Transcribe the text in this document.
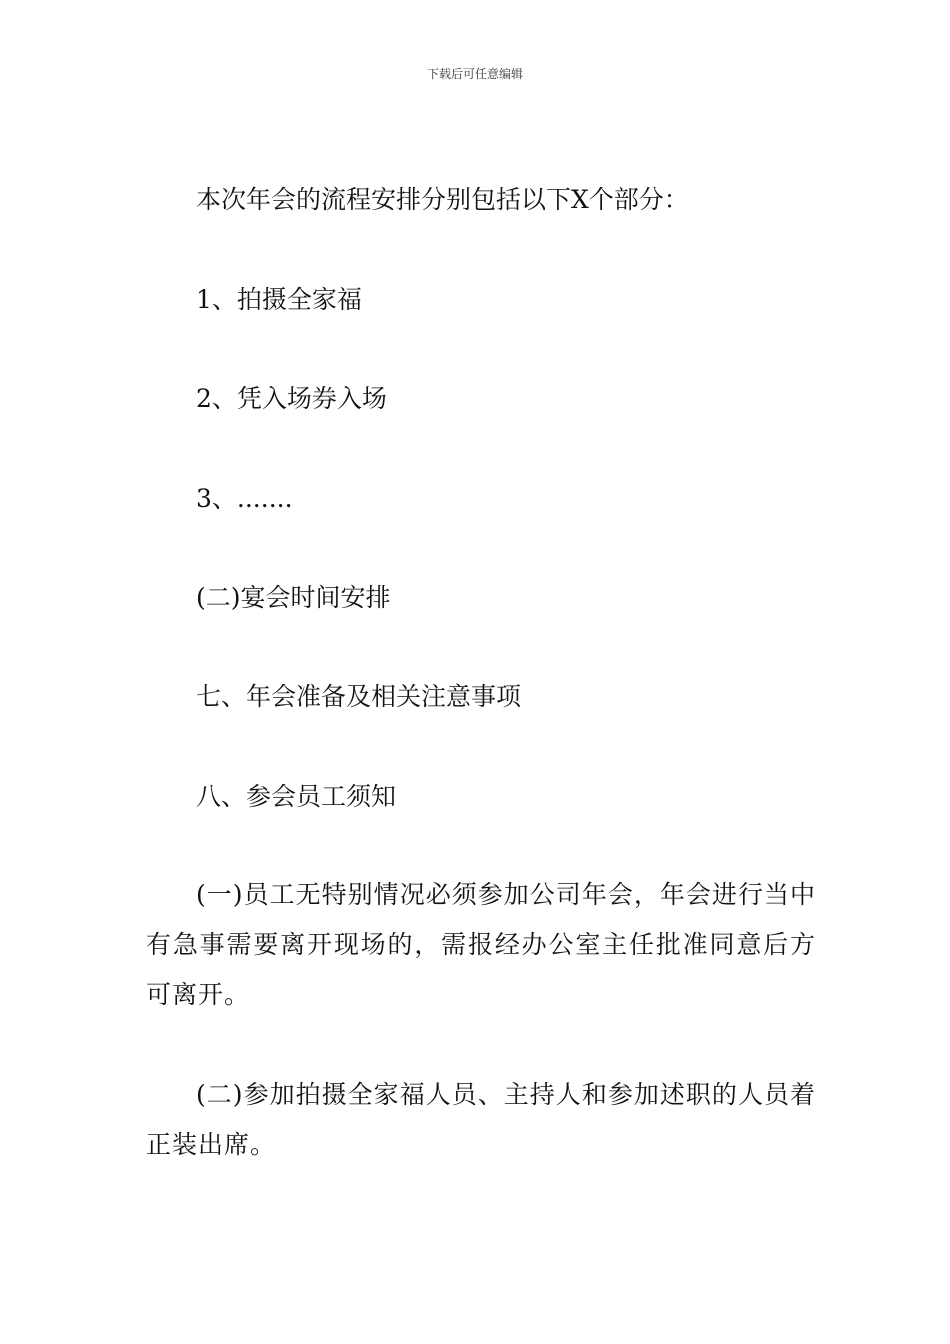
下载后可任意编辑
本次年会的流程安排分别包括以下X个部分：
1、拍摄全家福
2、凭入场券入场
3、.......
(二)宴会时间安排
七、年会准备及相关注意事项
八、参会员工须知
(一)员工无特别情况必须参加公司年会，年会进行当中有急事需要离开现场的，需报经办公室主任批准同意后方可离开。
(二)参加拍摄全家福人员、主持人和参加述职的人员着正装出席。
